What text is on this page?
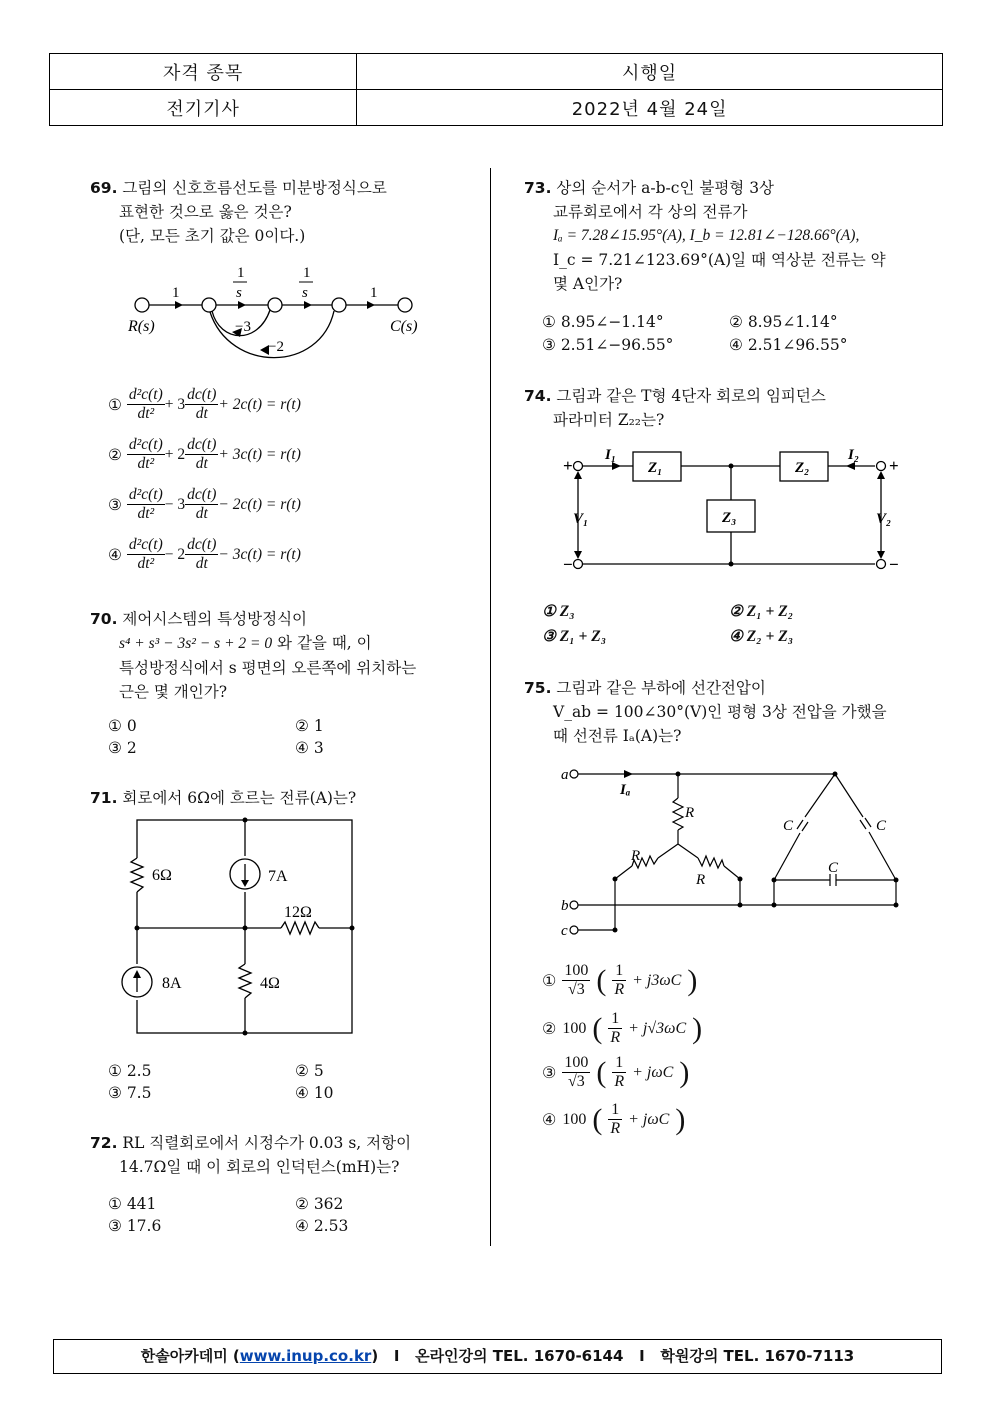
자격 종목	시행일
전기기사	2022년 4월 24일
69. 그림의 신호흐름선도를 미분방정식으로
표현한 것으로 옳은 것은?
(단, 모든 초기 값은 0이다.)
1
1
s
1
s	1
−3
−2
R(s)	C(s)
①
$\frac{\text{d²c(t)}}{\text{dt²}} + 3 \frac{dc(t)}{dt} + 2c(t) = r(t)$
②
$\frac{\text{d²c(t)}}{\text{dt²}} + 2 \frac{dc(t)}{dt} + 3c(t) = r(t)$
③
$\frac{\text{d²c(t)}}{\text{dt²}} - 3 \frac{dc(t)}{dt} - 2c(t) = r(t)$
④
$\frac{\text{d²c(t)}}{\text{dt²}} - 2 \frac{dc(t)}{dt} - 3c(t) = r(t)$
70. 제어시스템의 특성방정식이
s⁴ + s³ − 3s² − s + 2 = 0 와 같을 때, 이
특성방정식에서 s 평면의 오른쪽에 위치하는
근은 몇 개인가?
① 0	② 1
③ 2	④ 3
71. 회로에서 6Ω에 흐르는 전류(A)는?
6Ω	7A
12Ω
8A	4Ω
① 2.5	② 5
③ 7.5	④ 10
72. RL 직렬회로에서 시정수가 0.03 s, 저항이
14.7Ω일 때 이 회로의 인덕턴스(mH)는?
① 441	② 362
③ 17.6	④ 2.53
73. 상의 순서가 a-b-c인 불평형 3상
교류회로에서 각 상의 전류가
Iₐ = 7.28∠15.95°(A), I_b = 12.81∠−128.66°(A),
I_c = 7.21∠123.69°(A)일 때 역상분 전류는 약
몇 A인가?
① 8.95∠−1.14°	② 8.95∠1.14°
③ 2.51∠−96.55°	④ 2.51∠96.55°
74. 그림과 같은 T형 4단자 회로의 임피던스
파라미터 Z₂₂는?
+
−
+
−
I₁	I₂
Z₁	Z₂
Z₃
V₁	V₂
① Z₃	② Z₁ + Z₂
③ Z₁ + Z₃	④ Z₂ + Z₃
75. 그림과 같은 부하에 선간전압이
V_ab = 100∠30°(V)인 평형 3상 전압을 가했을
때 선전류 Iₐ(A)는?
a
b
c
Iₐ
R
R
R
C	C
C
① $\frac{100}{√3}$ ( $\frac{1}{R} + j3\omega C$ )
② 100 ( $\frac{1}{R} + j√3\omega C$ )
③ $\frac{100}{√3}$ ( $\frac{1}{R} + j\omega C$ )
④ 100 ( $\frac{1}{R} + j\omega C$ )
한솔아카데미 (www.inup.co.kr)   I   온라인강의 TEL. 1670-6144   I   학원강의 TEL. 1670-7113
